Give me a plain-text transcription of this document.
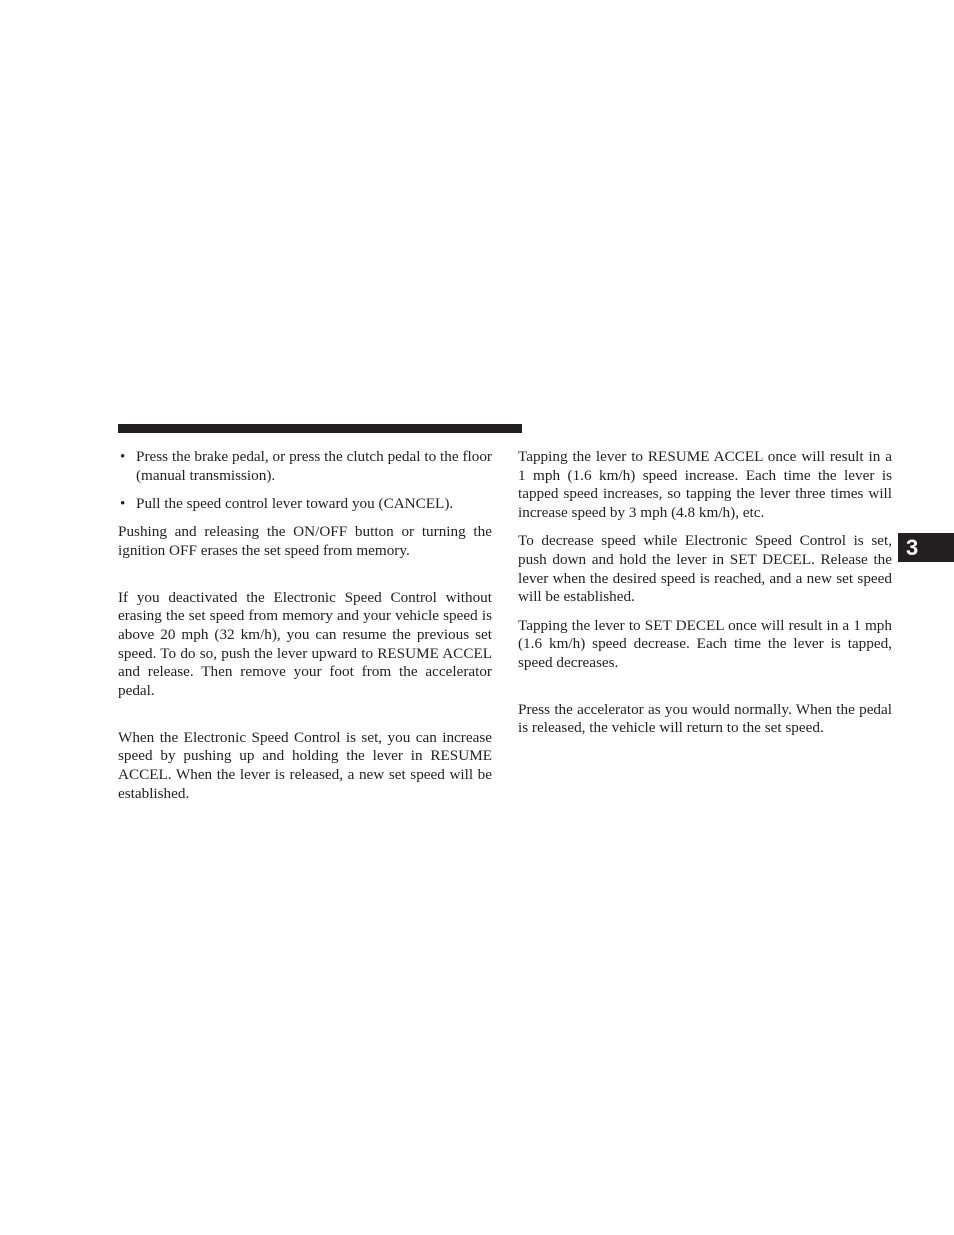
• Press the brake pedal, or press the clutch pedal to the floor (manual transmission).
• Pull the speed control lever toward you (CANCEL).

Pushing and releasing the ON/OFF button or turning the ignition OFF erases the set speed from memory.

If you deactivated the Electronic Speed Control without erasing the set speed from memory and your vehicle speed is above 20 mph (32 km/h), you can resume the previous set speed. To do so, push the lever upward to RESUME ACCEL and release. Then remove your foot from the accelerator pedal.

When the Electronic Speed Control is set, you can increase speed by pushing up and holding the lever in RESUME ACCEL. When the lever is released, a new set speed will be established.

Tapping the lever to RESUME ACCEL once will result in a 1 mph (1.6 km/h) speed increase. Each time the lever is tapped speed increases, so tapping the lever three times will increase speed by 3 mph (4.8 km/h), etc.

To decrease speed while Electronic Speed Control is set, push down and hold the lever in SET DECEL. Release the lever when the desired speed is reached, and a new set speed will be established.

Tapping the lever to SET DECEL once will result in a 1 mph (1.6 km/h) speed decrease. Each time the lever is tapped, speed decreases.

Press the accelerator as you would normally. When the pedal is released, the vehicle will return to the set speed.

3
